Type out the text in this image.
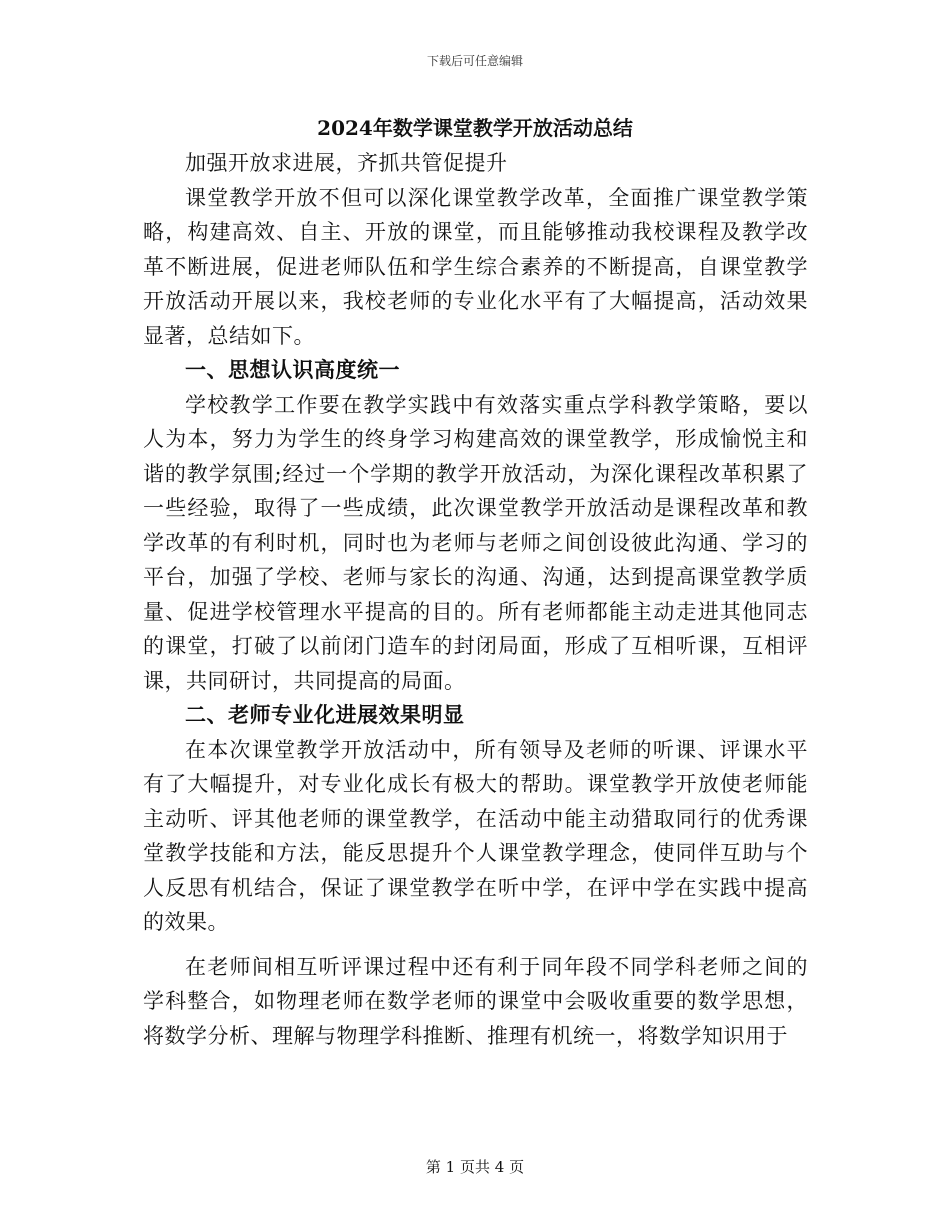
下载后可任意编辑
2024年数学课堂教学开放活动总结

加强开放求进展，齐抓共管促提升

课堂教学开放不但可以深化课堂教学改革，全面推广课堂教学策略，构建高效、自主、开放的课堂，而且能够推动我校课程及教学改革不断进展，促进老师队伍和学生综合素养的不断提高，自课堂教学开放活动开展以来，我校老师的专业化水平有了大幅提高，活动效果显著，总结如下。

一、思想认识高度统一

学校教学工作要在教学实践中有效落实重点学科教学策略，要以人为本，努力为学生的终身学习构建高效的课堂教学，形成愉悦主和谐的教学氛围;经过一个学期的教学开放活动，为深化课程改革积累了一些经验，取得了一些成绩，此次课堂教学开放活动是课程改革和教学改革的有利时机，同时也为老师与老师之间创设彼此沟通、学习的平台，加强了学校、老师与家长的沟通、沟通，达到提高课堂教学质量、促进学校管理水平提高的目的。所有老师都能主动走进其他同志的课堂，打破了以前闭门造车的封闭局面，形成了互相听课，互相评课，共同研讨，共同提高的局面。

二、老师专业化进展效果明显

在本次课堂教学开放活动中，所有领导及老师的听课、评课水平有了大幅提升，对专业化成长有极大的帮助。课堂教学开放使老师能主动听、评其他老师的课堂教学，在活动中能主动猎取同行的优秀课堂教学技能和方法，能反思提升个人课堂教学理念，使同伴互助与个人反思有机结合，保证了课堂教学在听中学，在评中学在实践中提高的效果。

在老师间相互听评课过程中还有利于同年段不同学科老师之间的学科整合，如物理老师在数学老师的课堂中会吸收重要的数学思想，将数学分析、理解与物理学科推断、推理有机统一，将数学知识用于

第 1 页共 4 页
